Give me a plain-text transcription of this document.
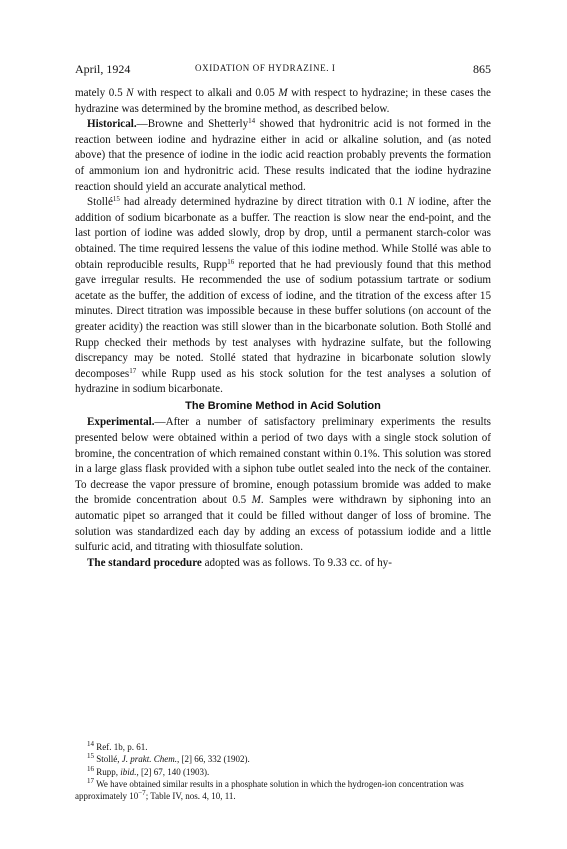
April, 1924	OXIDATION OF HYDRAZINE. I	865

mately 0.5 N with respect to alkali and 0.05 M with respect to hydrazine; in these cases the hydrazine was determined by the bromine method, as described below.

Historical.—Browne and Shetterly$^{14}$ showed that hydronitric acid is not formed in the reaction between iodine and hydrazine either in acid or alkaline solution, and (as noted above) that the presence of iodine in the iodic acid reaction probably prevents the formation of ammonium ion and hydronitric acid. These results indicated that the iodine hydrazine reaction should yield an accurate analytical method.

Stollé$^{15}$ had already determined hydrazine by direct titration with 0.1 N iodine, after the addition of sodium bicarbonate as a buffer. The reaction is slow near the end-point, and the last portion of iodine was added slowly, drop by drop, until a permanent starch-color was obtained. The time required lessens the value of this iodine method. While Stollé was able to obtain reproducible results, Rupp$^{16}$ reported that he had previously found that this method gave irregular results. He recommended the use of sodium potassium tartrate or sodium acetate as the buffer, the addition of excess of iodine, and the titration of the excess after 15 minutes. Direct titration was impossible because in these buffer solutions (on account of the greater acidity) the reaction was still slower than in the bicarbonate solution. Both Stollé and Rupp checked their methods by test analyses with hydrazine sulfate, but the following discrepancy may be noted. Stollé stated that hydrazine in bicarbonate solution slowly decomposes$^{17}$ while Rupp used as his stock solution for the test analyses a solution of hydrazine in sodium bicarbonate.

The Bromine Method in Acid Solution

Experimental.—After a number of satisfactory preliminary experiments the results presented below were obtained within a period of two days with a single stock solution of bromine, the concentration of which remained constant within 0.1%. This solution was stored in a large glass flask provided with a siphon tube outlet sealed into the neck of the container. To decrease the vapor pressure of bromine, enough potassium bromide was added to make the bromide concentration about 0.5 M. Samples were withdrawn by siphoning into an automatic pipet so arranged that it could be filled without danger of loss of bromine. The solution was standardized each day by adding an excess of potassium iodide and a little sulfuric acid, and titrating with thiosulfate solution.

The standard procedure adopted was as follows. To 9.33 cc. of hy-

$^{14}$ Ref. 1b, p. 61.
$^{15}$ Stollé, J. prakt. Chem., [2] 66, 332 (1902).
$^{16}$ Rupp, ibid., [2] 67, 140 (1903).
$^{17}$ We have obtained similar results in a phosphate solution in which the hydrogen-ion concentration was approximately $10^{-7}$; Table IV, nos. 4, 10, 11.
